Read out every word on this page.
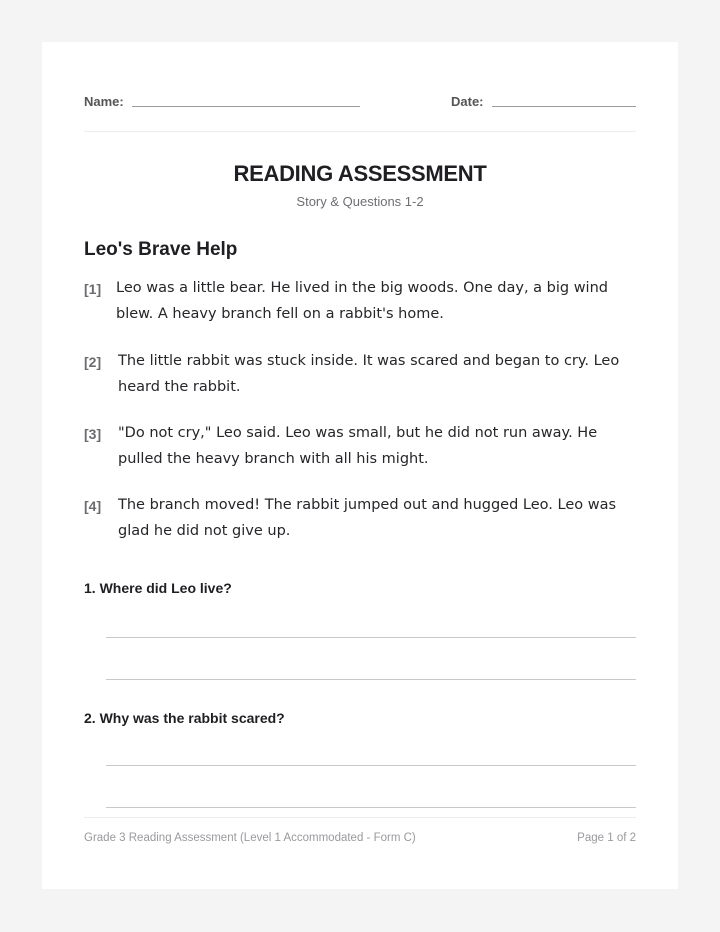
Name:	Date:
READING ASSESSMENT
Story & Questions 1-2
Leo's Brave Help
[1]	Leo was a little bear. He lived in the big woods. One day, a big wind blew. A heavy branch fell on a rabbit's home.
[2]	The little rabbit was stuck inside. It was scared and began to cry. Leo heard the rabbit.
[3]	"Do not cry," Leo said. Leo was small, but he did not run away. He pulled the heavy branch with all his might.
[4]	The branch moved! The rabbit jumped out and hugged Leo. Leo was glad he did not give up.
1. Where did Leo live?
2. Why was the rabbit scared?
Grade 3 Reading Assessment (Level 1 Accommodated - Form C)	Page 1 of 2
